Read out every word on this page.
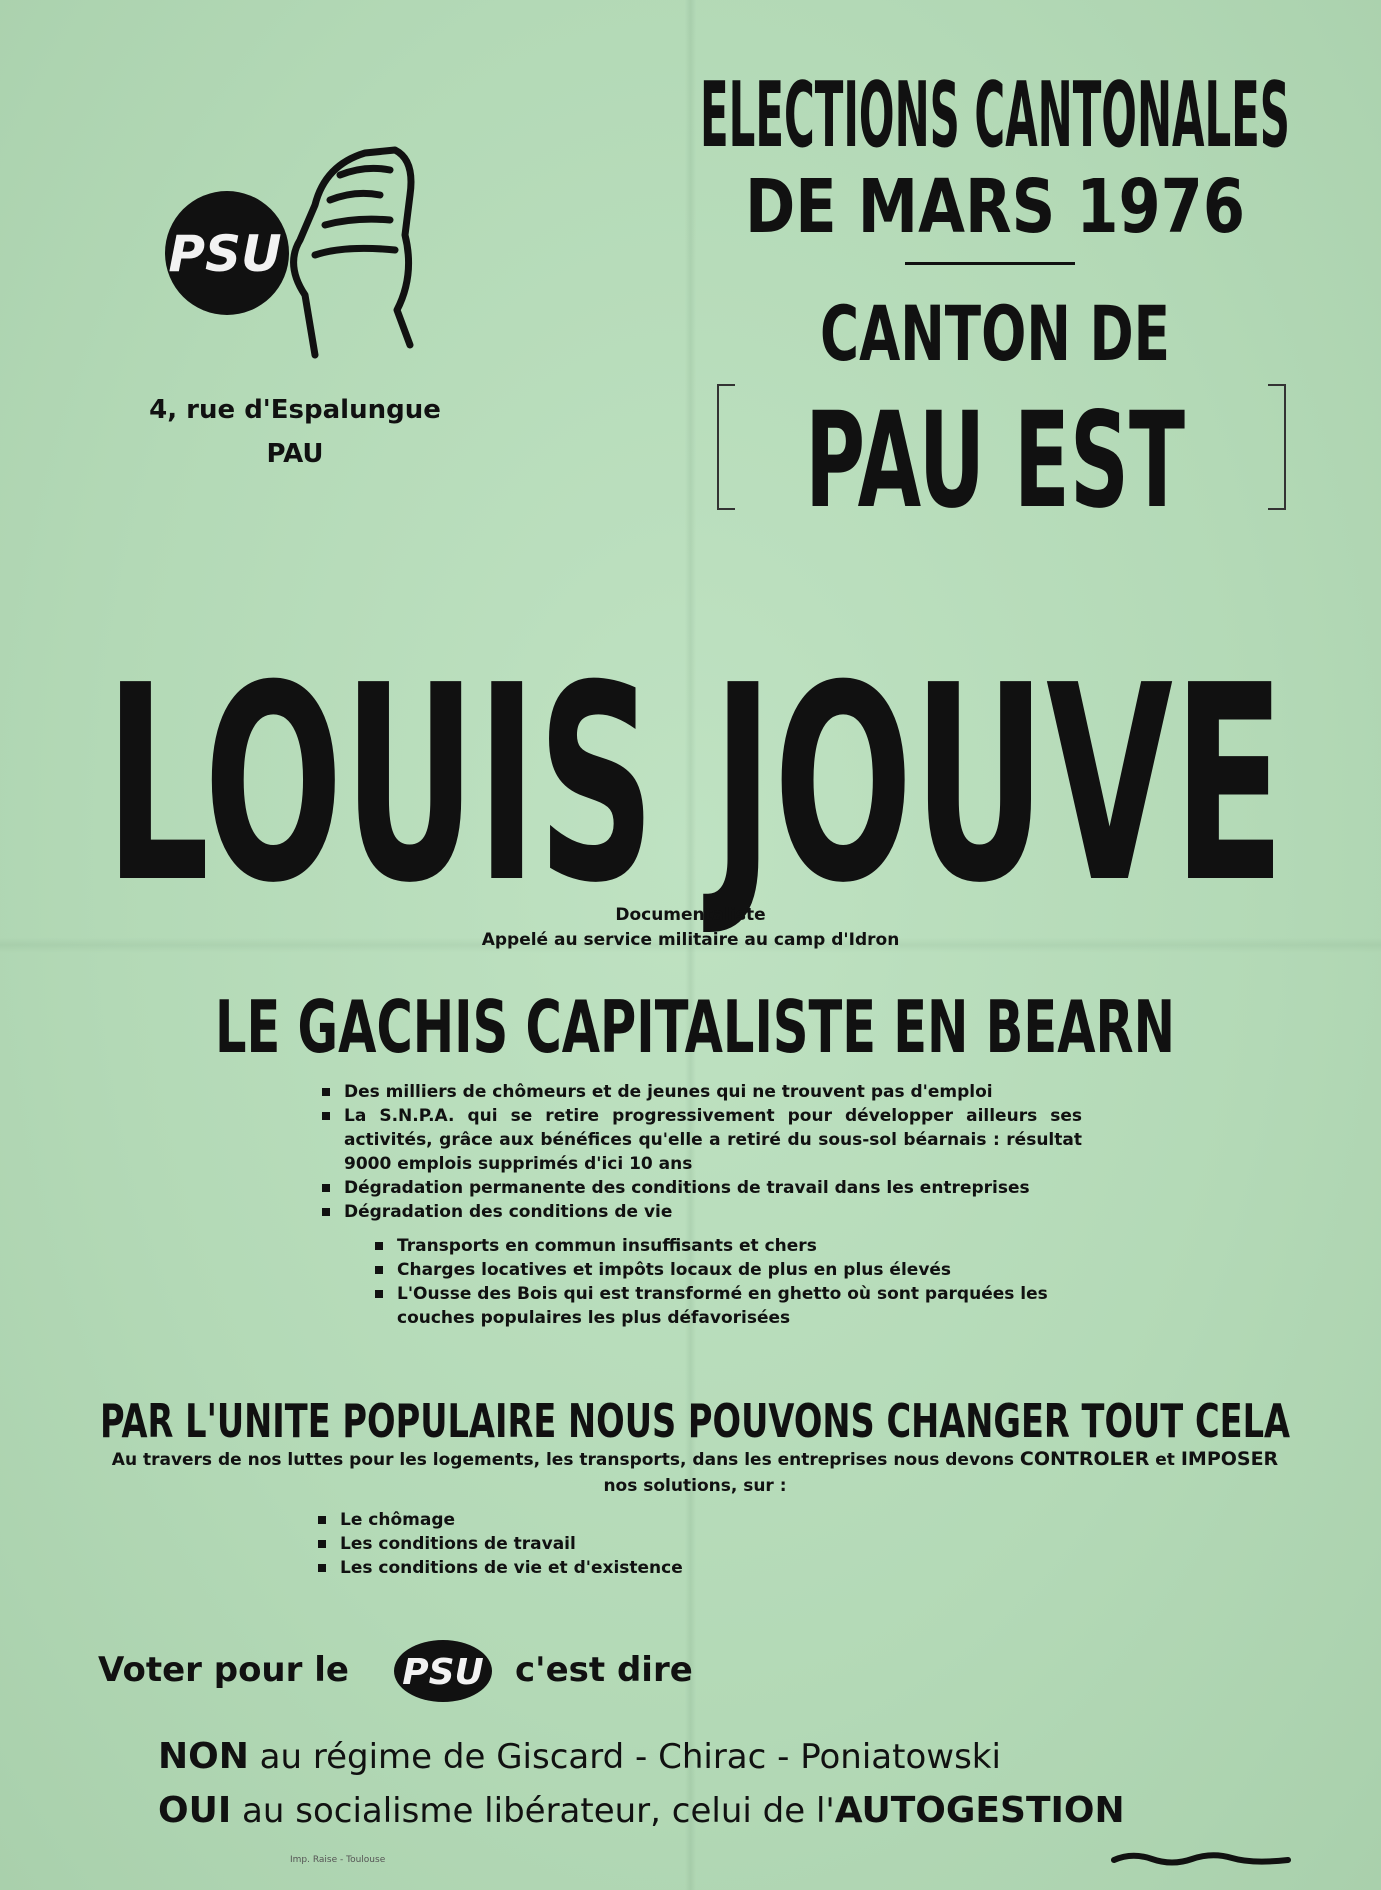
PSU
4, rue d'Espalungue
PAU
ELECTIONS CANTONALES
DE MARS 1976
CANTON DE
PAU EST
LOUIS JOUVE
Documentaliste
Appelé au service militaire au camp d'Idron
LE GACHIS CAPITALISTE EN BEARN
Des milliers de chômeurs et de jeunes qui ne trouvent pas d'emploi
La S.N.P.A. qui se retire progressivement pour développer ailleurs ses activités, grâce aux bénéfices qu'elle a retiré du sous-sol béarnais : résultat 9000 emplois supprimés d'ici 10 ans
Dégradation permanente des conditions de travail dans les entreprises
Dégradation des conditions de vie
Transports en commun insuffisants et chers
Charges locatives et impôts locaux de plus en plus élevés
L'Ousse des Bois qui est transformé en ghetto où sont parquées les couches populaires les plus défavorisées
PAR L'UNITE POPULAIRE NOUS POUVONS CHANGER TOUT CELA
Au travers de nos luttes pour les logements, les transports, dans les entreprises nous devons CONTROLER et IMPOSER nos solutions, sur :
Le chômage
Les conditions de travail
Les conditions de vie et d'existence
Voter pour le PSU c'est dire
NON au régime de Giscard - Chirac - Poniatowski
OUI au socialisme libérateur, celui de l'AUTOGESTION
Imp. Raise - Toulouse
